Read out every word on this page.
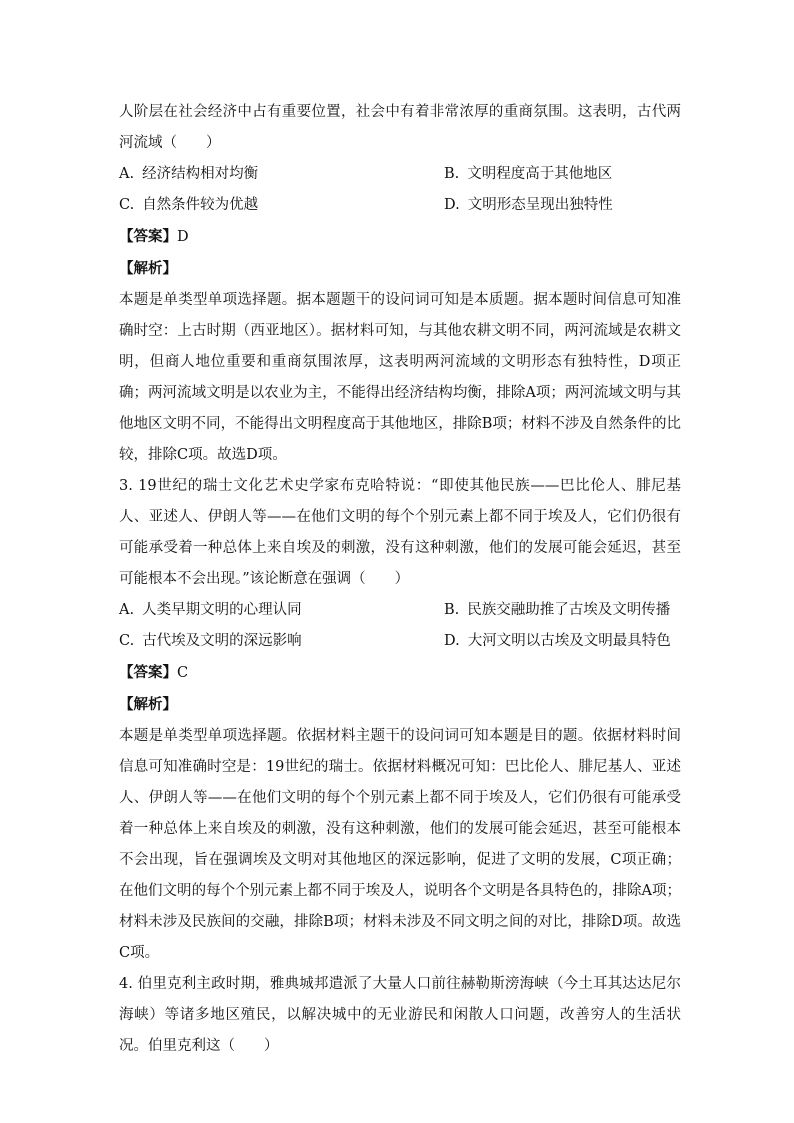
人阶层在社会经济中占有重要位置，社会中有着非常浓厚的重商氛围。这表明，古代两河流域（　　）

A. 经济结构相对均衡	B. 文明程度高于其他地区
C. 自然条件较为优越	D. 文明形态呈现出独特性

【答案】D

【解析】

本题是单类型单项选择题。据本题题干的设问词可知是本质题。据本题时间信息可知准确时空：上古时期（西亚地区）。据材料可知，与其他农耕文明不同，两河流域是农耕文明，但商人地位重要和重商氛围浓厚，这表明两河流域的文明形态有独特性，D项正确；两河流域文明是以农业为主，不能得出经济结构均衡，排除A项；两河流域文明与其他地区文明不同，不能得出文明程度高于其他地区，排除B项；材料不涉及自然条件的比较，排除C项。故选D项。

3. 19世纪的瑞士文化艺术史学家布克哈特说：“即使其他民族——巴比伦人、腓尼基人、亚述人、伊朗人等——在他们文明的每个个别元素上都不同于埃及人，它们仍很有可能承受着一种总体上来自埃及的刺激，没有这种刺激，他们的发展可能会延迟，甚至可能根本不会出现。”该论断意在强调（　　）

A. 人类早期文明的心理认同	B. 民族交融助推了古埃及文明传播
C. 古代埃及文明的深远影响	D. 大河文明以古埃及文明最具特色

【答案】C

【解析】

本题是单类型单项选择题。依据材料主题干的设问词可知本题是目的题。依据材料时间信息可知准确时空是：19世纪的瑞士。依据材料概况可知：巴比伦人、腓尼基人、亚述人、伊朗人等——在他们文明的每个个别元素上都不同于埃及人，它们仍很有可能承受着一种总体上来自埃及的刺激，没有这种刺激，他们的发展可能会延迟，甚至可能根本不会出现，旨在强调埃及文明对其他地区的深远影响，促进了文明的发展，C项正确；在他们文明的每个个别元素上都不同于埃及人，说明各个文明是各具特色的，排除A项；材料未涉及民族间的交融，排除B项；材料未涉及不同文明之间的对比，排除D项。故选C项。

4. 伯里克利主政时期，雅典城邦遣派了大量人口前往赫勒斯滂海峡（今土耳其达达尼尔海峡）等诸多地区殖民，以解决城中的无业游民和闲散人口问题，改善穷人的生活状况。伯里克利这（　　）
